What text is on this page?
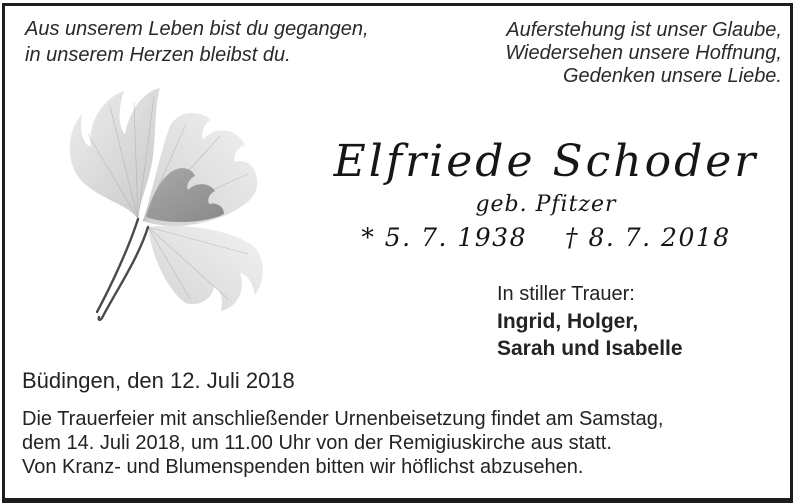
Aus unserem Leben bist du gegangen,
in unserem Herzen bleibst du.
Auferstehung ist unser Glaube,
Wiedersehen unsere Hoffnung,
Gedenken unsere Liebe.
Elfriede Schoder
geb. Pfitzer
* 5. 7. 1938 † 8. 7. 2018
In stiller Trauer:
Ingrid, Holger,
Sarah und Isabelle
Büdingen, den 12. Juli 2018
Die Trauerfeier mit anschließender Urnenbeisetzung findet am Samstag,
dem 14. Juli 2018, um 11.00 Uhr von der Remigiuskirche aus statt.
Von Kranz- und Blumenspenden bitten wir höflichst abzusehen.
